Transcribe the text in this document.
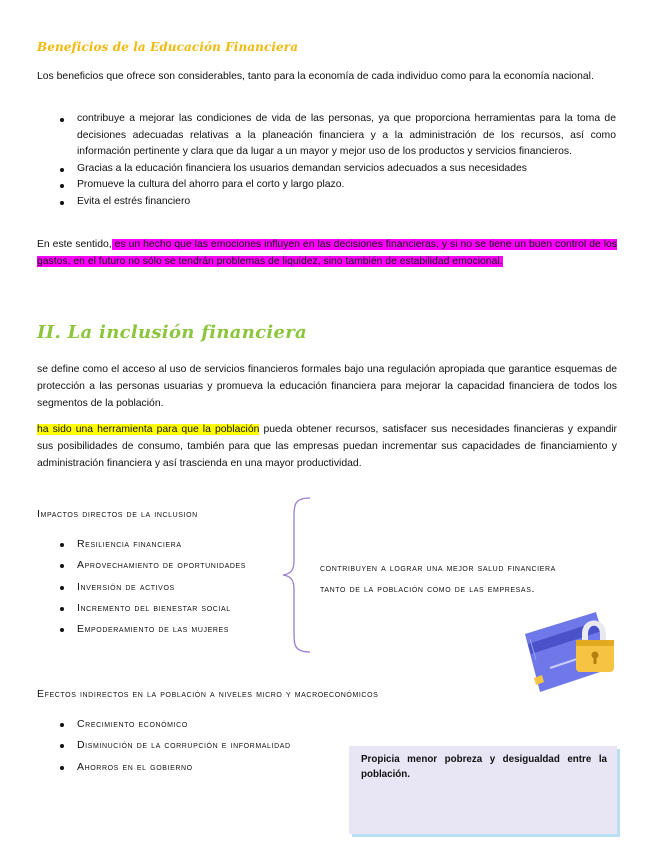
Beneficios de la Educación Financiera

Los beneficios que ofrece son considerables, tanto para la economía de cada individuo como para la economía nacional.

contribuye a mejorar las condiciones de vida de las personas, ya que proporciona herramientas para la toma de decisiones adecuadas relativas a la planeación financiera y a la administración de los recursos, así como información pertinente y clara que da lugar a un mayor y mejor uso de los productos y servicios financieros.
Gracias a la educación financiera los usuarios demandan servicios adecuados a sus necesidades
Promueve la cultura del ahorro para el corto y largo plazo.
Evita el estrés financiero

En este sentido, es un hecho que las emociones influyen en las decisiones financieras, y si no se tiene un buen control de los gastos, en el futuro no sólo se tendrán problemas de liquidez, sino también de estabilidad emocional.

II. La inclusión financiera

se define como el acceso al uso de servicios financieros formales bajo una regulación apropiada que garantice esquemas de protección a las personas usuarias y promueva la educación financiera para mejorar la capacidad financiera de todos los segmentos de la población.

ha sido una herramienta para que la población pueda obtener recursos, satisfacer sus necesidades financieras y expandir sus posibilidades de consumo, también para que las empresas puedan incrementar sus capacidades de financiamiento y administración financiera y así trascienda en una mayor productividad.

Impactos directos de la inclusion

Resiliencia financiera
Aprovechamiento de oportunidades
Inversión de activos
Incremento del bienestar social
Empoderamiento de las mujeres

contribuyen a lograr una mejor salud financiera
tanto de la población como de las empresas.

Efectos indirectos en la población a niveles micro y macroeconómicos

Crecimiento económico
Disminución de la corrupción e informalidad
Ahorros en el gobierno

Propicia menor pobreza y desigualdad entre la población.
